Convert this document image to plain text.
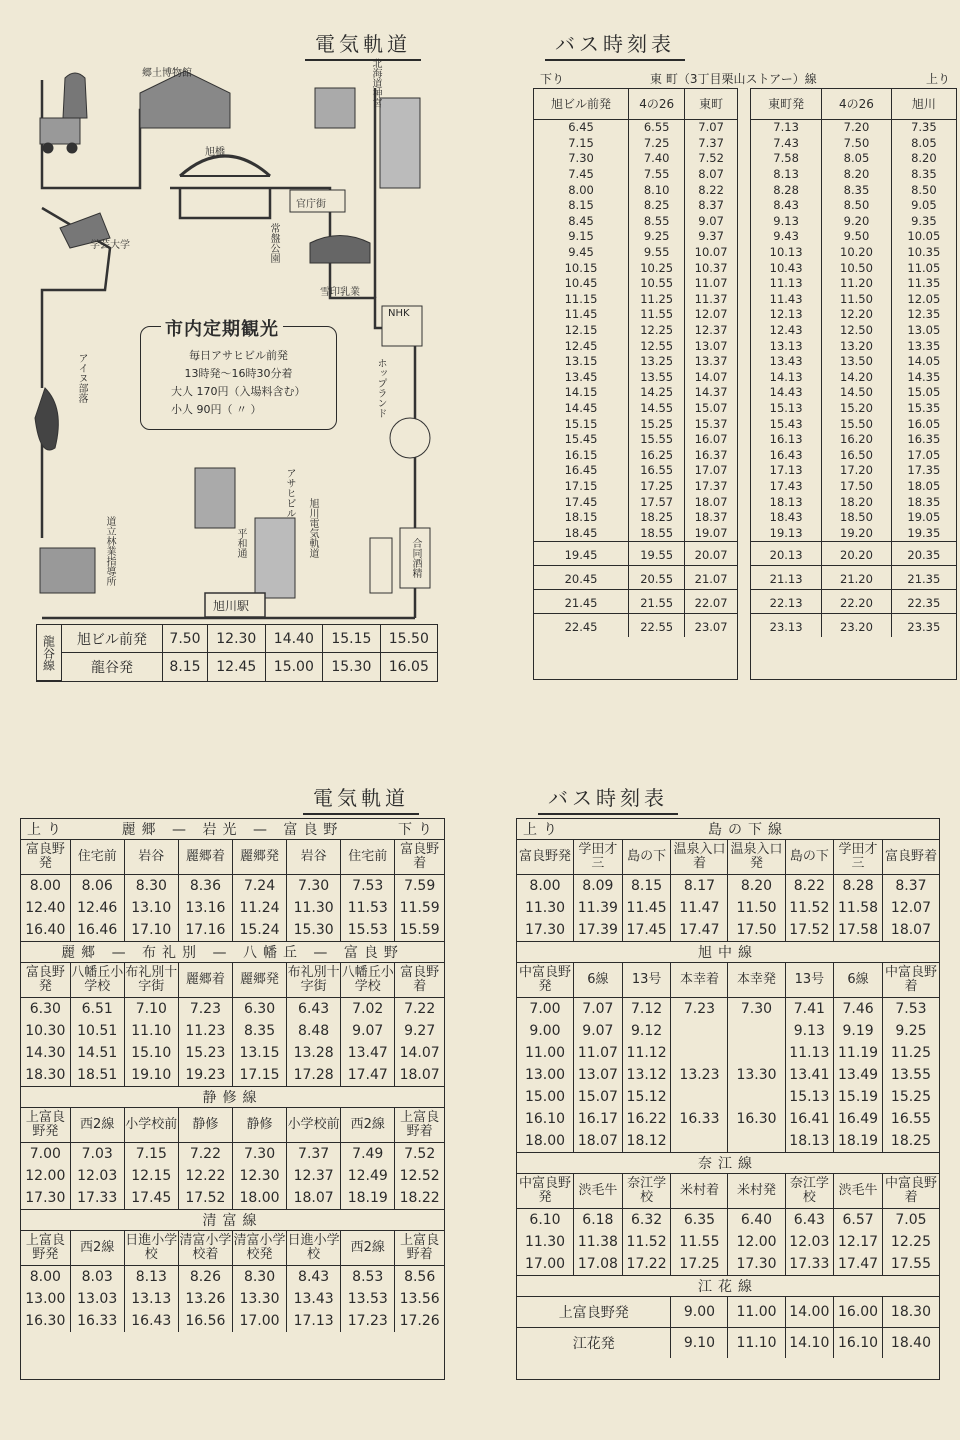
電気軌道
郷土博物館	北海道神宮
旭橋
常盤公園
官庁街
学芸大学
雪印乳業
NHK
アイヌ部落	ホップランド
アサヒビル
旭川電気軌道
平和通
道立林業指導所	合同酒精
旭川駅
市内定期観光
毎日アサヒビル前発
13時発〜16時30分着
大人 170円（入場料含む）
小人 90円（ 〃 ）
龍谷線	旭ビル前発	7.50	12.30	14.40	15.15	15.50
	龍谷発	8.15	12.45	15.00	15.30	16.05
バス時刻表
下り	東 町（3丁目栗山ストアー）線	上り
旭ビル前発	4の26	東町
6.45	6.55	7.07
7.15	7.25	7.37
7.30	7.40	7.52
7.45	7.55	8.07
8.00	8.10	8.22
8.15	8.25	8.37
8.45	8.55	9.07
9.15	9.25	9.37
9.45	9.55	10.07
10.15	10.25	10.37
10.45	10.55	11.07
11.15	11.25	11.37
11.45	11.55	12.07
12.15	12.25	12.37
12.45	12.55	13.07
13.15	13.25	13.37
13.45	13.55	14.07
14.15	14.25	14.37
14.45	14.55	15.07
15.15	15.25	15.37
15.45	15.55	16.07
16.15	16.25	16.37
16.45	16.55	17.07
17.15	17.25	17.37
17.45	17.57	18.07
18.15	18.25	18.37
18.45	18.55	19.07
19.45	19.55	20.07
20.45	20.55	21.07
21.45	21.55	22.07
22.45	22.55	23.07
東町発	4の26	旭川
7.13	7.20	7.35
7.43	7.50	8.05
7.58	8.05	8.20
8.13	8.20	8.35
8.28	8.35	8.50
8.43	8.50	9.05
9.13	9.20	9.35
9.43	9.50	10.05
10.13	10.20	10.35
10.43	10.50	11.05
11.13	11.20	11.35
11.43	11.50	12.05
12.13	12.20	12.35
12.43	12.50	13.05
13.13	13.20	13.35
13.43	13.50	14.05
14.13	14.20	14.35
14.43	14.50	15.05
15.13	15.20	15.35
15.43	15.50	16.05
16.13	16.20	16.35
16.43	16.50	17.05
17.13	17.20	17.35
17.43	17.50	18.05
18.13	18.20	18.35
18.43	18.50	19.05
19.13	19.20	19.35
20.13	20.20	20.35
21.13	21.20	21.35
22.13	22.20	22.35
23.13	23.20	23.35
電気軌道
上り 麗郷 — 岩光 — 富良野 下り							

富良野発	住宅前	岩谷	麗郷着	麗郷発	岩谷	住宅前	富良野着
8.00	8.06	8.30	8.36	7.24	7.30	7.53	7.59
12.40	12.46	13.10	13.16	11.24	11.30	11.53	11.59
16.40	16.46	17.10	17.16	15.24	15.30	15.53	15.59

麗郷 — 布礼別 — 八幡丘 — 富良野							

富良野発	八幡丘小学校	布礼別十字街	麗郷着	麗郷発	布礼別十字街	八幡丘小学校	富良野着
6.30	6.51	7.10	7.23	6.30	6.43	7.02	7.22
10.30	10.51	11.10	11.23	8.35	8.48	9.07	9.27
14.30	14.51	15.10	15.23	13.15	13.28	13.47	14.07
18.30	18.51	19.10	19.23	17.15	17.28	17.47	18.07

静修線							

上富良野発	西2線	小学校前	静修	静修	小学校前	西2線	上富良野着
7.00	7.03	7.15	7.22	7.30	7.37	7.49	7.52
12.00	12.03	12.15	12.22	12.30	12.37	12.49	12.52
17.30	17.33	17.45	17.52	18.00	18.07	18.19	18.22

清富線							

上富良野発	西2線	日進小学校	清富小学校着	清富小学校発	日進小学校	西2線	上富良野着
8.00	8.03	8.13	8.26	8.30	8.43	8.53	8.56
13.00	13.03	13.13	13.26	13.30	13.43	13.53	13.56
16.30	16.33	16.43	16.56	17.00	17.13	17.23	17.26
バス時刻表
上り 島の下線							

富良野発	学田才三	島の下	温泉入口着	温泉入口発	島の下	学田才三	富良野着
8.00	8.09	8.15	8.17	8.20	8.22	8.28	8.37
11.30	11.39	11.45	11.47	11.50	11.52	11.58	12.07
17.30	17.39	17.45	17.47	17.50	17.52	17.58	18.07

旭中線							

中富良野発	6線	13号	本幸着	本幸発	13号	6線	中富良野着
7.00	7.07	7.12	7.23	7.30	7.41	7.46	7.53
9.00	9.07	9.12			9.13	9.19	9.25
11.00	11.07	11.12			11.13	11.19	11.25
13.00	13.07	13.12	13.23	13.30	13.41	13.49	13.55
15.00	15.07	15.12			15.13	15.19	15.25
16.10	16.17	16.22	16.33	16.30	16.41	16.49	16.55
18.00	18.07	18.12			18.13	18.19	18.25

奈江線							

中富良野発	渋毛牛	奈江学校	米村着	米村発	奈江学校	渋毛牛	中富良野着
6.10	6.18	6.32	6.35	6.40	6.43	6.57	7.05
11.30	11.38	11.52	11.55	12.00	12.03	12.17	12.25
17.00	17.08	17.22	17.25	17.30	17.33	17.47	17.55

江花線							

上富良野発			9.00	11.00	14.00	16.00	18.30
江花発			9.10	11.10	14.10	16.10	18.40
